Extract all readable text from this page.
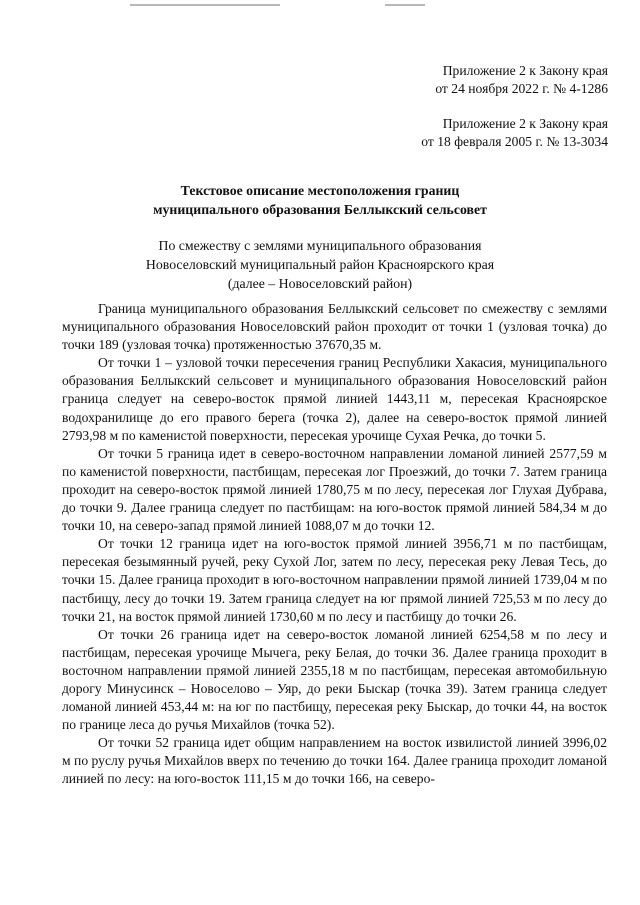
Приложение 2 к Закону края
от 24 ноября 2022 г. № 4-1286
Приложение 2 к Закону края
от 18 февраля 2005 г. № 13-3034
Текстовое описание местоположения границ
муниципального образования Беллыкский сельсовет
По смежеству с землями муниципального образования
Новоселовский муниципальный район Красноярского края
(далее – Новоселовский район)

Граница муниципального образования Беллыкский сельсовет по смежеству с землями муниципального образования Новоселовский район проходит от точки 1 (узловая точка) до точки 189 (узловая точка) протяженностью 37670,35 м.

От точки 1 – узловой точки пересечения границ Республики Хакасия, муниципального образования Беллыкский сельсовет и муниципального образования Новоселовский район граница следует на северо-восток прямой линией 1443,11 м, пересекая Красноярское водохранилище до его правого берега (точка 2), далее на северо-восток прямой линией 2793,98 м по каменистой поверхности, пересекая урочище Сухая Речка, до точки 5.

От точки 5 граница идет в северо-восточном направлении ломаной линией 2577,59 м по каменистой поверхности, пастбищам, пересекая лог Проезжий, до точки 7. Затем граница проходит на северо-восток прямой линией 1780,75 м по лесу, пересекая лог Глухая Дубрава, до точки 9. Далее граница следует по пастбищам: на юго-восток прямой линией 584,34 м до точки 10, на северо-запад прямой линией 1088,07 м до точки 12.

От точки 12 граница идет на юго-восток прямой линией 3956,71 м по пастбищам, пересекая безымянный ручей, реку Сухой Лог, затем по лесу, пересекая реку Левая Тесь, до точки 15. Далее граница проходит в юго-восточном направлении прямой линией 1739,04 м по пастбищу, лесу до точки 19. Затем граница следует на юг прямой линией 725,53 м по лесу до точки 21, на восток прямой линией 1730,60 м по лесу и пастбищу до точки 26.

От точки 26 граница идет на северо-восток ломаной линией 6254,58 м по лесу и пастбищам, пересекая урочище Мычега, реку Белая, до точки 36. Далее граница проходит в восточном направлении прямой линией 2355,18 м по пастбищам, пересекая автомобильную дорогу Минусинск – Новоселово – Уяр, до реки Быскар (точка 39). Затем граница следует ломаной линией 453,44 м: на юг по пастбищу, пересекая реку Быскар, до точки 44, на восток по границе леса до ручья Михайлов (точка 52).

От точки 52 граница идет общим направлением на восток извилистой линией 3996,02 м по руслу ручья Михайлов вверх по течению до точки 164. Далее граница проходит ломаной линией по лесу: на юго-восток 111,15 м до точки 166, на северо-
